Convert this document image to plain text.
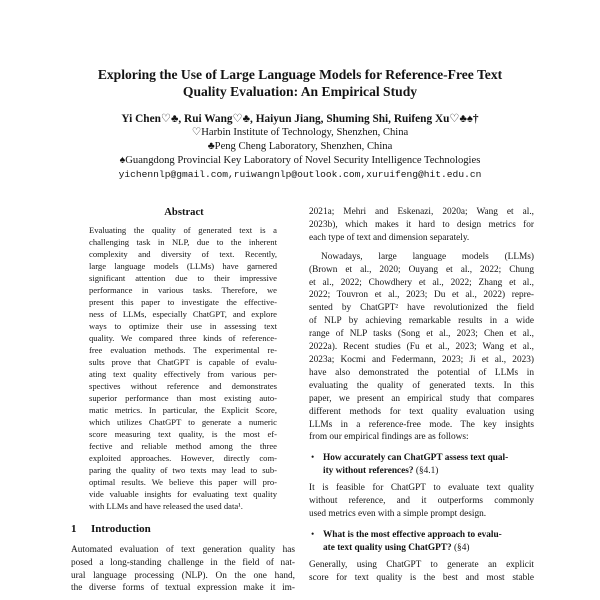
Exploring the Use of Large Language Models for Reference-Free Text
Quality Evaluation: An Empirical Study
Yi Chen♡♣, Rui Wang♡♣, Haiyun Jiang, Shuming Shi, Ruifeng Xu♡♣♠†
♡Harbin Institute of Technology, Shenzhen, China
♣Peng Cheng Laboratory, Shenzhen, China
♠Guangdong Provincial Key Laboratory of Novel Security Intelligence Technologies
yichennlp@gmail.com,ruiwangnlp@outlook.com,xuruifeng@hit.edu.cn
Abstract
Evaluating the quality of generated text is a
challenging task in NLP, due to the inherent
complexity and diversity of text. Recently,
large language models (LLMs) have garnered
significant attention due to their impressive
performance in various tasks. Therefore, we
present this paper to investigate the effective-
ness of LLMs, especially ChatGPT, and explore
ways to optimize their use in assessing text
quality. We compared three kinds of reference-
free evaluation methods. The experimental re-
sults prove that ChatGPT is capable of evalu-
ating text quality effectively from various per-
spectives without reference and demonstrates
superior performance than most existing auto-
matic metrics. In particular, the Explicit Score,
which utilizes ChatGPT to generate a numeric
score measuring text quality, is the most ef-
fective and reliable method among the three
exploited approaches. However, directly com-
paring the quality of two texts may lead to sub-
optimal results. We believe this paper will pro-
vide valuable insights for evaluating text quality
with LLMs and have released the used data¹.
1 Introduction
Automated evaluation of text generation quality has
posed a long-standing challenge in the field of nat-
ural language processing (NLP). On the one hand,
the diverse forms of textual expression make it im-
2021a; Mehri and Eskenazi, 2020a; Wang et al.,
2023b), which makes it hard to design metrics for
each type of text and dimension separately.
Nowadays, large language models (LLMs)
(Brown et al., 2020; Ouyang et al., 2022; Chung
et al., 2022; Chowdhery et al., 2022; Zhang et al.,
2022; Touvron et al., 2023; Du et al., 2022) repre-
sented by ChatGPT² have revolutionized the field
of NLP by achieving remarkable results in a wide
range of NLP tasks (Song et al., 2023; Chen et al.,
2022a). Recent studies (Fu et al., 2023; Wang et al.,
2023a; Kocmi and Federmann, 2023; Ji et al., 2023)
have also demonstrated the potential of LLMs in
evaluating the quality of generated texts. In this
paper, we present an empirical study that compares
different methods for text quality evaluation using
LLMs in a reference-free mode. The key insights
from our empirical findings are as follows:
• How accurately can ChatGPT assess text qual-
ity without references? (§4.1)
It is feasible for ChatGPT to evaluate text quality
without reference, and it outperforms commonly
used metrics even with a simple prompt design.
• What is the most effective approach to evalu-
ate text quality using ChatGPT? (§4)
Generally, using ChatGPT to generate an explicit
score for text quality is the best and most stable
